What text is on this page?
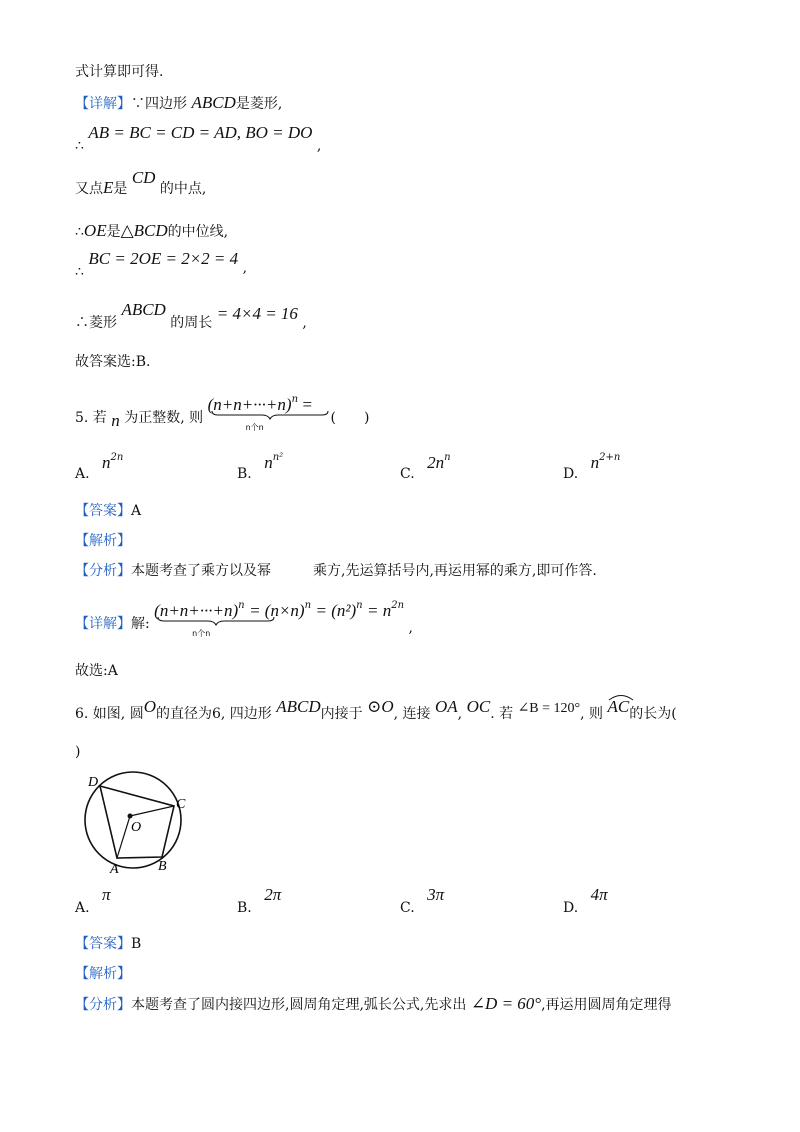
式计算即可得.
【详解】∵四边形 ABCD是菱形,
∴ AB = BC = CD = AD, BO = DO ,
又点E是 CD 的中点,
∴OE是△BCD的中位线,
∴ BC = 2OE = 2×2 = 4 ,
∴菱形 ABCD 的周长 = 4×4 = 16 ,
故答案选:B.
5. 若 n 为正整数, 则 $(n+n+\cdot\cdot\cdot+n)^n$
n个n
= (　　)
A. $n^{2n}$
B. $n^{n^2}$
C. $2n^n$
D. $n^{2+n}$
【答案】A
【解析】
【分析】本题考查了乘方以及幂　　　乘方,先运算括号内,再运用幂的乘方,即可作答.
【详解】解: $(n+n+\cdot\cdot\cdot+n)^n$
n个n
= $(n\times n)^n = (n^2)^n = n^{2n}$ ,
故选:A
6. 如图, 圆O的直径为6, 四边形 ABCD内接于 ⊙O, 连接 OA, OC. 若 ∠B = 120°, 则 AC的长为(
)
D
C
O
A	B
A. π
B. 2π
C. 3π
D. 4π
【答案】B
【解析】
【分析】本题考查了圆内接四边形,圆周角定理,弧长公式,先求出 ∠D = 60°,再运用圆周角定理得
